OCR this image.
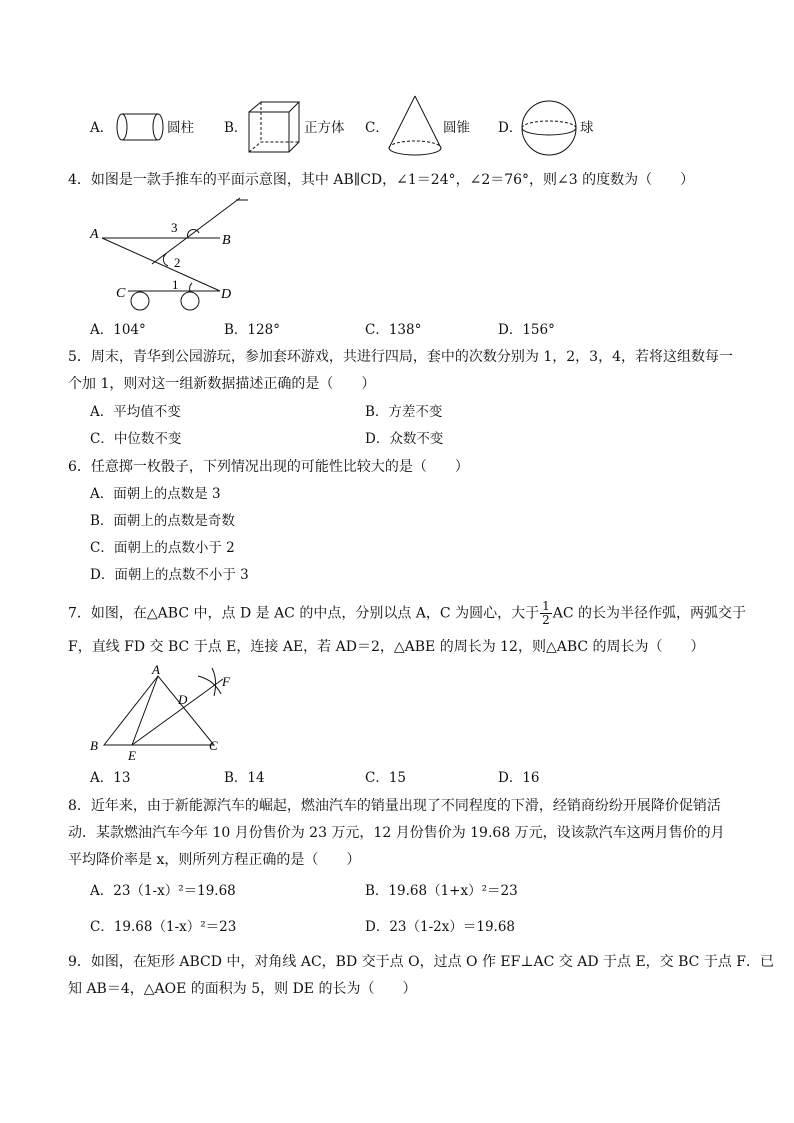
A．	圆柱 B．	正方体 C．	圆锥 D．	球
4．如图是一款手推车的平面示意图，其中 AB∥CD，∠1＝24°，∠2＝76°，则∠3 的度数为（　　）
A	B
C	D
1
2
3
A．104°	B．128°	C．138°	D．156°
5．周末，青华到公园游玩，参加套环游戏，共进行四局，套中的次数分别为 1，2，3，4，若将这组数每一
个加 1，则对这一组新数据描述正确的是（　　）
A．平均值不变	B．方差不变
C．中位数不变	D．众数不变
6．任意掷一枚骰子，下列情况出现的可能性比较大的是（　　）
A．面朝上的点数是 3
B．面朝上的点数是奇数
C．面朝上的点数小于 2
D．面朝上的点数不小于 3
7．如图，在△ABC 中，点 D 是 AC 的中点，分别以点 A，C 为圆心，大于 $\frac{1}{2}$ AC 的长为半径作弧，两弧交于
F，直线 FD 交 BC 于点 E，连接 AE，若 AD＝2，△ABE 的周长为 12，则△ABC 的周长为（　　）
A
B	C
D
E
F
A．13	B．14	C．15	D．16
8．近年来，由于新能源汽车的崛起，燃油汽车的销量出现了不同程度的下滑，经销商纷纷开展降价促销活
动．某款燃油汽车今年 10 月份售价为 23 万元，12 月份售价为 19.68 万元，设该款汽车这两月售价的月
平均降价率是 x，则所列方程正确的是（　　）
A．23（1-x）²＝19.68	B．19.68（1+x）²＝23
C．19.68（1-x）²＝23	D．23（1-2x）＝19.68
9．如图，在矩形 ABCD 中，对角线 AC，BD 交于点 O，过点 O 作 EF⊥AC 交 AD 于点 E，交 BC 于点 F．已
知 AB＝4，△AOE 的面积为 5，则 DE 的长为（　　）
